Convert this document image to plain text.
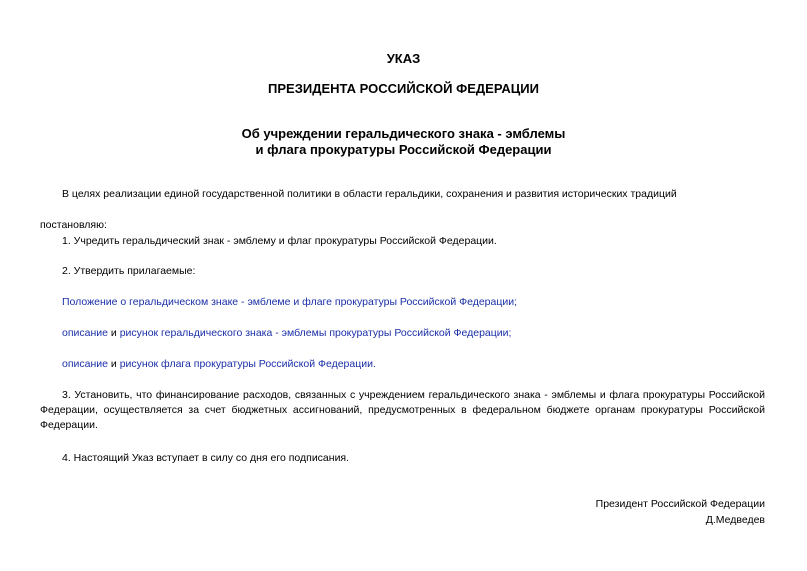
УКАЗ
ПРЕЗИДЕНТА РОССИЙСКОЙ ФЕДЕРАЦИИ
Об учреждении геральдического знака - эмблемы
и флага прокуратуры Российской Федерации

В целях реализации единой государственной политики в области геральдики, сохранения и развития исторических традиций

постановляю:

1. Учредить геральдический знак - эмблему и флаг прокуратуры Российской Федерации.

2. Утвердить прилагаемые:

Положение о геральдическом знаке - эмблеме и флаге прокуратуры Российской Федерации;

описание и рисунок геральдического знака - эмблемы прокуратуры Российской Федерации;

описание и рисунок флага прокуратуры Российской Федерации.

3. Установить, что финансирование расходов, связанных с учреждением геральдического знака - эмблемы и флага прокуратуры Российской Федерации, осуществляется за счет бюджетных ассигнований, предусмотренных в федеральном бюджете органам прокуратуры Российской Федерации.

4. Настоящий Указ вступает в силу со дня его подписания.

Президент Российской Федерации

Д.Медведев
